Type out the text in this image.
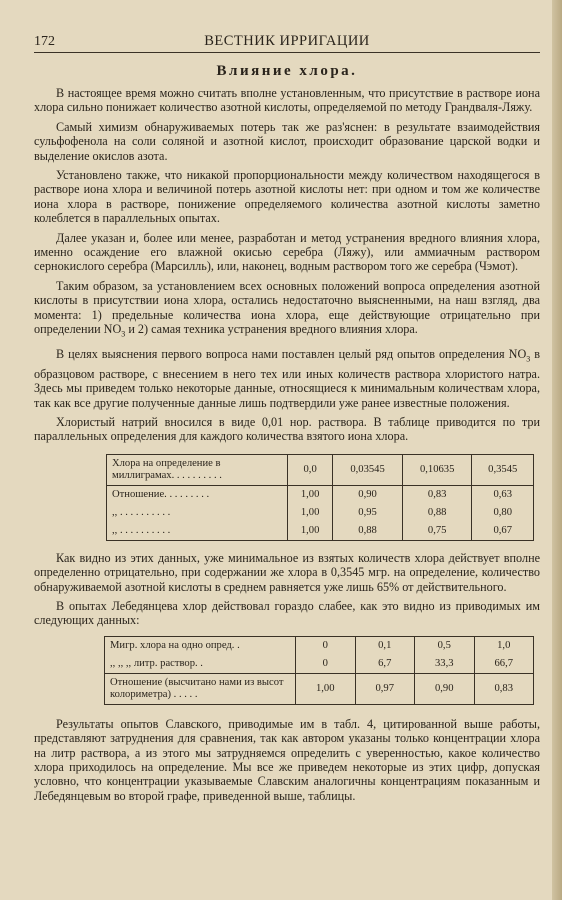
172	ВЕСТНИК ИРРИГАЦИИ
Влияние хлора.

В настоящее время можно считать вполне установленным, что присутствие в растворе иона хлора сильно понижает количество азотной кислоты, определяемой по методу Грандваля-Ляжу.

Самый химизм обнаруживаемых потерь так же раз'яснен: в результате взаимодействия сульфофенола на соли соляной и азотной кислот, происходит образование царской водки и выделение окислов азота.

Установлено также, что никакой пропорциональности между количеством находящегося в растворе иона хлора и величиной потерь азотной кислоты нет: при одном и том же количестве иона хлора в растворе, понижение определяемого количества азотной кислоты заметно колеблется в параллельных опытах.

Далее указан и, более или менее, разработан и метод устранения вредного влияния хлора, именно осаждение его влажной окисью серебра (Ляжу), или аммиачным раствором сернокислого серебра (Марсилль), или, наконец, водным раствором того же серебра (Чэмот).

Таким образом, за установлением всех основных положений вопроса определения азотной кислоты в присутствии иона хлора, остались недостаточно выясненными, на наш взгляд, два момента: 1) предельные количества иона хлора, еще действующие отрицательно при определении $NO_3$ и 2) самая техника устранения вредного влияния хлора.

В целях выяснения первого вопроса нами поставлен целый ряд опытов определения $NO_3$ в образцовом растворе, с внесением в него тех или иных количеств раствора хлористого натра. Здесь мы приведем только некоторые данные, относящиеся к минимальным количествам хлора, так как все другие полученные данные лишь подтвердили уже ранее известные положения.

Хлористый натрий вносился в виде 0,01 нор. раствора. В таблице приводится по три параллельных определения для каждого количества взятого иона хлора.

Хлора на определение в миллиграмах. . . . . . . . . .	0,0	0,03545	0,10635	0,3545
Отношение. . . . . . . . .	1,00	0,90	0,83	0,63
,, . . . . . . . . . .	1,00	0,95	0,88	0,80
,, . . . . . . . . . .	1,00	0,88	0,75	0,67

Как видно из этих данных, уже минимальное из взятых количеств хлора действует вполне определенно отрицательно, при содержании же хлора в 0,3545 мгр. на определение, количество обнаруживаемой азотной кислоты в среднем равняется уже лишь 65% от действительного.

В опытах Лебедянцева хлор действовал гораздо слабее, как это видно из приводимых им следующих данных:

Мигр. хлора на одно опред. .	0	0,1	0,5	1,0
,, ,, ,, литр. раствор. .	0	6,7	33,3	66,7
Отношение (высчитано нами из высот колориметра) . . . . .	1,00	0,97	0,90	0,83

Результаты опытов Славского, приводимые им в табл. 4, цитированной выше работы, представляют затруднения для сравнения, так как автором указаны только концентрации хлора на литр раствора, а из этого мы затрудняемся определить с уверенностью, какое количество хлора приходилось на определение. Мы все же приведем некоторые из этих цифр, допуская условно, что концентрации указываемые Славским аналогичны концентрациям показанным и Лебедянцевым во второй графе, приведенной выше, таблицы.
